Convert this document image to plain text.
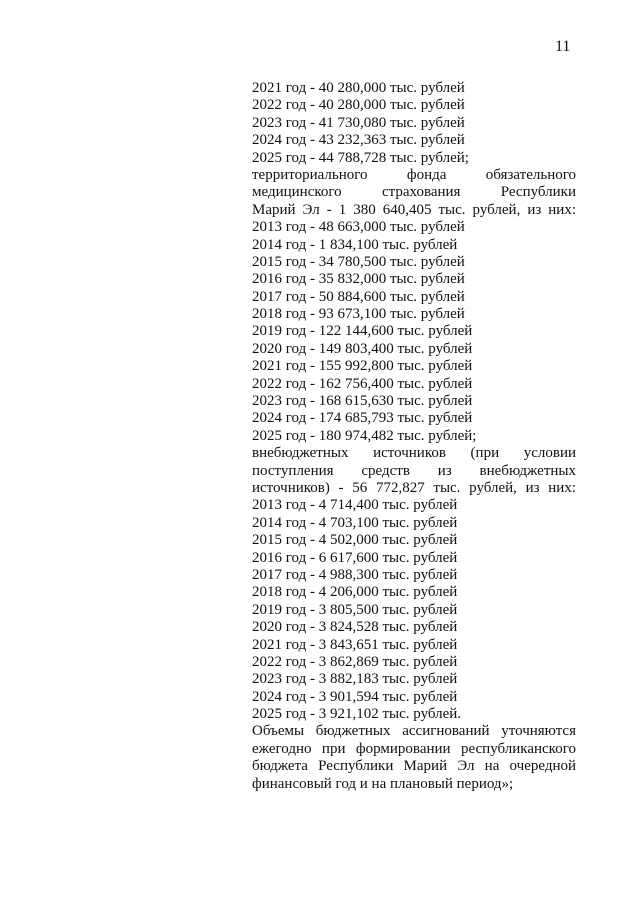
11
2021 год - 40 280,000 тыс. рублей
2022 год - 40 280,000 тыс. рублей
2023 год - 41 730,080 тыс. рублей
2024 год - 43 232,363 тыс. рублей
2025 год - 44 788,728 тыс. рублей;
территориального фонда обязательного
медицинского страхования Республики
Марий Эл - 1 380 640,405 тыс. рублей, из них:
2013 год - 48 663,000 тыс. рублей
2014 год - 1 834,100 тыс. рублей
2015 год - 34 780,500 тыс. рублей
2016 год - 35 832,000 тыс. рублей
2017 год - 50 884,600 тыс. рублей
2018 год - 93 673,100 тыс. рублей
2019 год - 122 144,600 тыс. рублей
2020 год - 149 803,400 тыс. рублей
2021 год - 155 992,800 тыс. рублей
2022 год - 162 756,400 тыс. рублей
2023 год - 168 615,630 тыс. рублей
2024 год - 174 685,793 тыс. рублей
2025 год - 180 974,482 тыс. рублей;
внебюджетных источников (при условии
поступления средств из внебюджетных
источников) - 56 772,827 тыс. рублей, из них:
2013 год - 4 714,400 тыс. рублей
2014 год - 4 703,100 тыс. рублей
2015 год - 4 502,000 тыс. рублей
2016 год - 6 617,600 тыс. рублей
2017 год - 4 988,300 тыс. рублей
2018 год - 4 206,000 тыс. рублей
2019 год - 3 805,500 тыс. рублей
2020 год - 3 824,528 тыс. рублей
2021 год - 3 843,651 тыс. рублей
2022 год - 3 862,869 тыс. рублей
2023 год - 3 882,183 тыс. рублей
2024 год - 3 901,594 тыс. рублей
2025 год - 3 921,102 тыс. рублей.
Объемы бюджетных ассигнований уточняются
ежегодно при формировании республиканского
бюджета Республики Марий Эл на очередной
финансовый год и на плановый период»;
